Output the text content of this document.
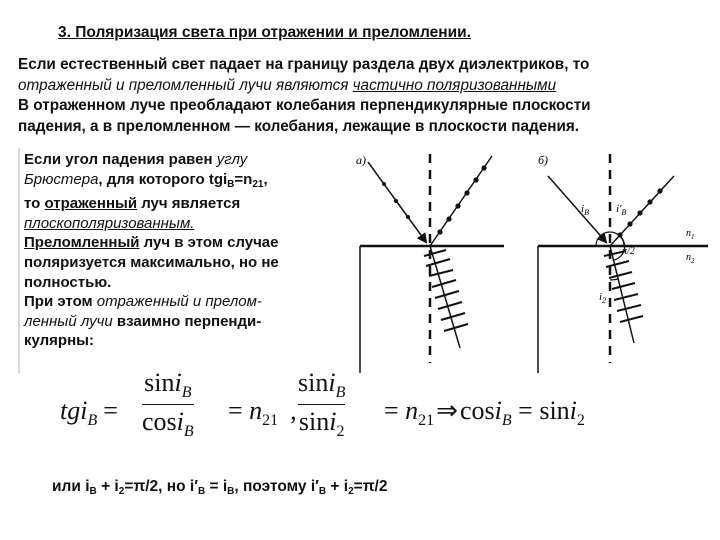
3. Поляризация света при отражении и преломлении.
Если естественный свет падает на границу раздела двух диэлектриков, то
отраженный и преломленный лучи являются частично поляризованными
В отраженном луче преобладают колебания перпендикулярные плоскости
падения, а в преломленном — колебания, лежащие в плоскости падения.
Если угол падения равен углу
Брюстера, для которого $tgi_B=n_{21}$,
то отраженный луч является
плоскополяризованным.
Преломленный луч в этом случае
поляризуется максимально, но не
полностью.
При этом отраженный и прелом-
ленный лучи взаимно перпенди-
кулярны:
а)	б)
$i_B$ $i'_B$
π/2
$i_2$
$n_1$
$n_2$
tgi$_B$ =
sini$_B$
cosi$_B$
= $n_{21}$ ,
sini$_B$
sini$_2$
= $n_{21}\Rightarrow\cos i_B = \sin i_2$
или $i_B + i_2=\pi/2$, но $i'_B = i_B$, поэтому $i'_B + i_2=\pi/2$
